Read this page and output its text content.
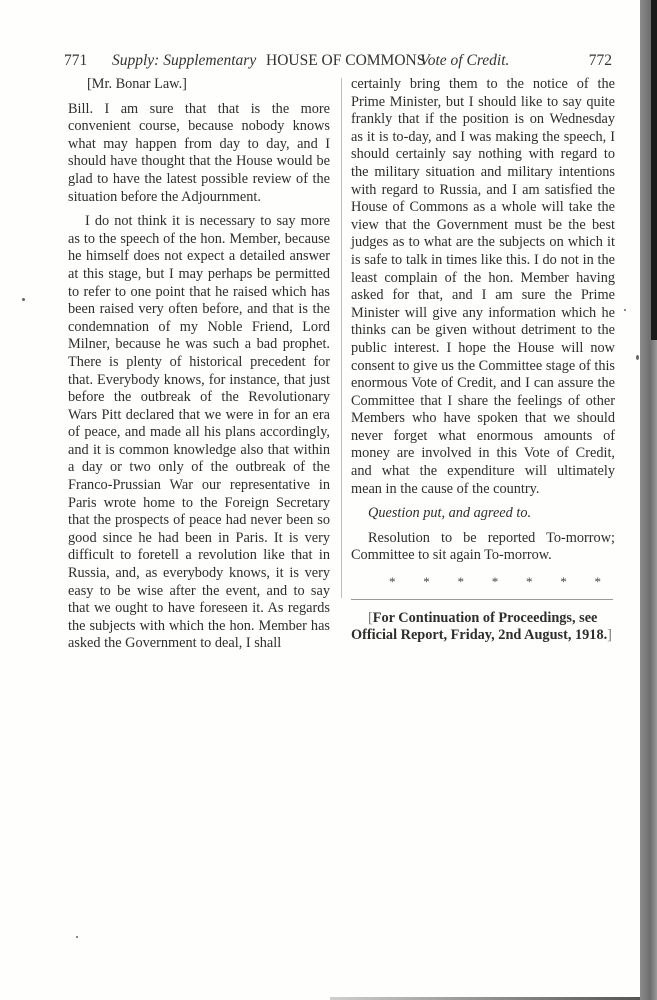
771 Supply: Supplementary HOUSE OF COMMONS
Vote of Credit.	772

[Mr. Bonar Law.]

Bill. I am sure that that is the more convenient course, because nobody knows what may happen from day to day, and I should have thought that the House would be glad to have the latest possible review of the situation before the Adjournment.

I do not think it is necessary to say more as to the speech of the hon. Member, because he himself does not expect a detailed answer at this stage, but I may perhaps be permitted to refer to one point that he raised which has been raised very often before, and that is the condemnation of my Noble Friend, Lord Milner, because he was such a bad prophet. There is plenty of historical precedent for that. Everybody knows, for instance, that just before the outbreak of the Revolutionary Wars Pitt declared that we were in for an era of peace, and made all his plans accordingly, and it is common knowledge also that within a day or two only of the outbreak of the Franco-Prussian War our representative in Paris wrote home to the Foreign Secretary that the prospects of peace had never been so good since he had been in Paris. It is very difficult to foretell a revolution like that in Russia, and, as everybody knows, it is very easy to be wise after the event, and to say that we ought to have foreseen it. As regards the subjects with which the hon. Member has asked the Government to deal, I shall

certainly bring them to the notice of the Prime Minister, but I should like to say quite frankly that if the position is on Wednesday as it is to-day, and I was making the speech, I should certainly say nothing with regard to the military situation and military intentions with regard to Russia, and I am satisfied the House of Commons as a whole will take the view that the Government must be the best judges as to what are the subjects on which it is safe to talk in times like this. I do not in the least complain of the hon. Member having asked for that, and I am sure the Prime Minister will give any information which he thinks can be given without detriment to the public interest. I hope the House will now consent to give us the Committee stage of this enormous Vote of Credit, and I can assure the Committee that I share the feelings of other Members who have spoken that we should never forget what enormous amounts of money are involved in this Vote of Credit, and what the expenditure will ultimately mean in the cause of the country.

Question put, and agreed to.

Resolution to be reported To-morrow; Committee to sit again To-morrow.

* * * * * * *

[For Continuation of Proceedings, see Official Report, Friday, 2nd August, 1918.]
